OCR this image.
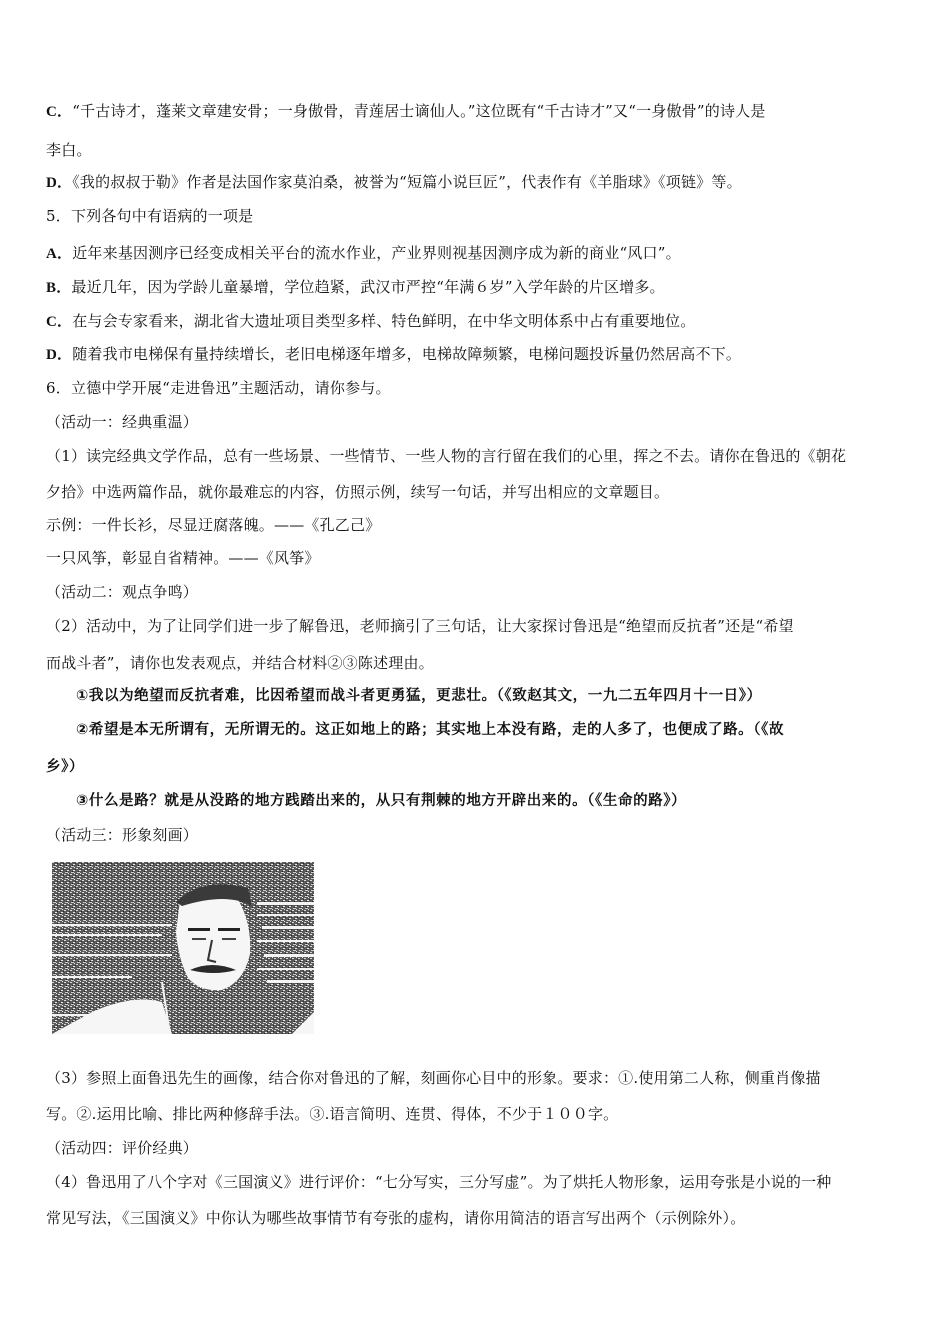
C．“千古诗才，蓬莱文章建安骨；一身傲骨，青莲居士谪仙人。”这位既有“千古诗才”又“一身傲骨”的诗人是
李白。
D．《我的叔叔于勒》作者是法国作家莫泊桑，被誉为“短篇小说巨匠”，代表作有《羊脂球》《项链》等。
5．下列各句中有语病的一项是
A．近年来基因测序已经变成相关平台的流水作业，产业界则视基因测序成为新的商业“风口”。
B．最近几年，因为学龄儿童暴增，学位趋紧，武汉市严控“年满６岁”入学年龄的片区增多。
C．在与会专家看来，湖北省大遗址项目类型多样、特色鲜明，在中华文明体系中占有重要地位。
D．随着我市电梯保有量持续增长，老旧电梯逐年增多，电梯故障频繁，电梯问题投诉量仍然居高不下。
6．立德中学开展“走进鲁迅”主题活动，请你参与。
（活动一：经典重温）
（1）读完经典文学作品，总有一些场景、一些情节、一些人物的言行留在我们的心里，挥之不去。请你在鲁迅的《朝花
夕拾》中选两篇作品，就你最难忘的内容，仿照示例，续写一句话，并写出相应的文章题目。
示例：一件长衫，尽显迂腐落魄。——《孔乙己》
一只风筝，彰显自省精神。——《风筝》
（活动二：观点争鸣）
（2）活动中，为了让同学们进一步了解鲁迅，老师摘引了三句话，让大家探讨鲁迅是“绝望而反抗者”还是“希望
而战斗者”，请你也发表观点，并结合材料②③陈述理由。
①我以为绝望而反抗者难，比因希望而战斗者更勇猛，更悲壮。（《致赵其文，一九二五年四月十一日》）
②希望是本无所谓有，无所谓无的。这正如地上的路；其实地上本没有路，走的人多了，也便成了路。（《故
乡》）
③什么是路？就是从没路的地方践踏出来的，从只有荆棘的地方开辟出来的。（《生命的路》）
（活动三：形象刻画）
（3）参照上面鲁迅先生的画像，结合你对鲁迅的了解，刻画你心目中的形象。要求：①.使用第二人称，侧重肖像描
写。②.运用比喻、排比两种修辞手法。③.语言简明、连贯、得体，不少于１００字。
（活动四：评价经典）
（4）鲁迅用了八个字对《三国演义》进行评价：“七分写实，三分写虚”。为了烘托人物形象，运用夸张是小说的一种
常见写法，《三国演义》中你认为哪些故事情节有夸张的虚构，请你用简洁的语言写出两个（示例除外）。
